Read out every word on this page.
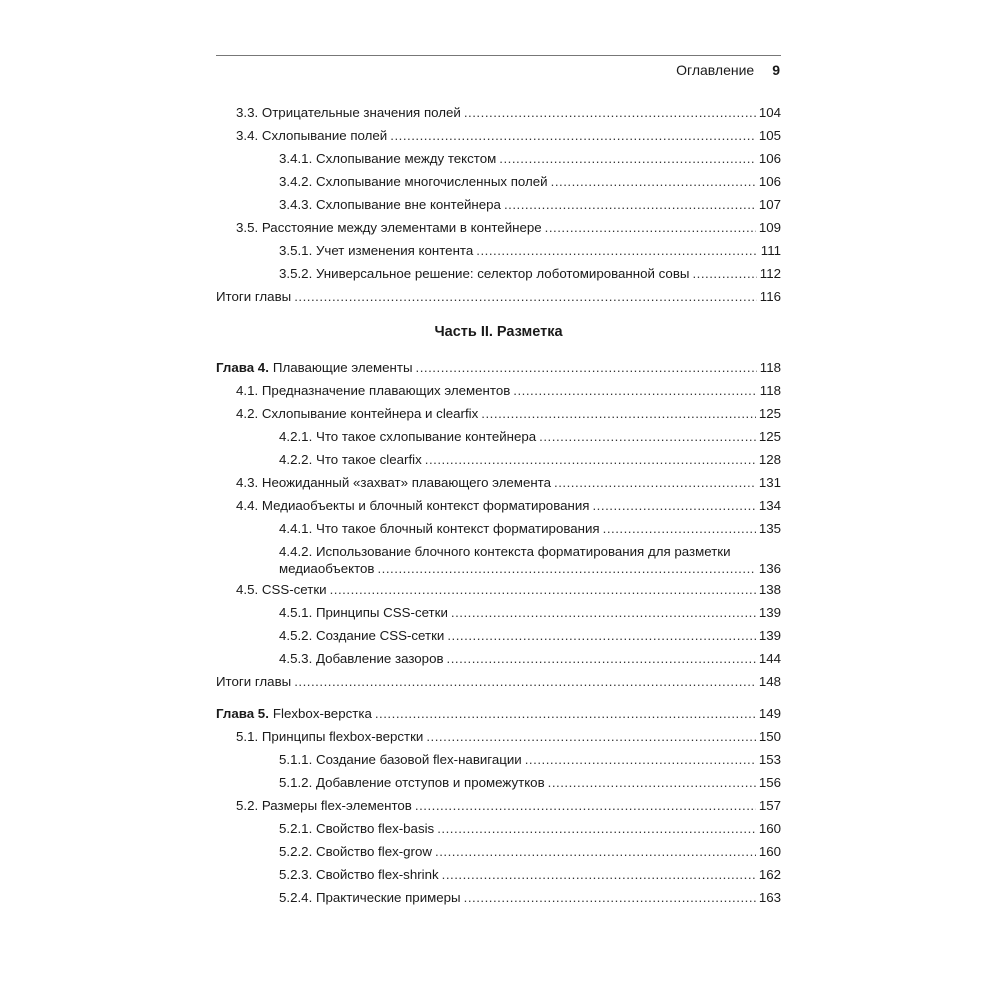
Оглавление 9
3.3. Отрицательные значения полей .....	104
3.4. Схлопывание полей .....	105
3.4.1. Схлопывание между текстом .....	106
3.4.2. Схлопывание многочисленных полей .....	106
3.4.3. Схлопывание вне контейнера .....	107
3.5. Расстояние между элементами в контейнере .....	109
3.5.1. Учет изменения контента .....	111
3.5.2. Универсальное решение: селектор лоботомированной совы .....	112
Итоги главы .....	116
Часть II. Разметка
Глава 4. Плавающие элементы .....	118
4.1. Предназначение плавающих элементов .....	118
4.2. Схлопывание контейнера и clearfix .....	125
4.2.1. Что такое схлопывание контейнера .....	125
4.2.2. Что такое clearfix .....	128
4.3. Неожиданный «захват» плавающего элемента .....	131
4.4. Медиаобъекты и блочный контекст форматирования .....	134
4.4.1. Что такое блочный контекст форматирования .....	135
4.4.2. Использование блочного контекста форматирования для разметки
медиаобъектов .....	136
4.5. CSS-сетки .....	138
4.5.1. Принципы CSS-сетки .....	139
4.5.2. Создание CSS-сетки .....	139
4.5.3. Добавление зазоров .....	144
Итоги главы .....	148
Глава 5. Flexbox-верстка .....	149
5.1. Принципы flexbox-верстки .....	150
5.1.1. Создание базовой flex-навигации .....	153
5.1.2. Добавление отступов и промежутков .....	156
5.2. Размеры flex-элементов .....	157
5.2.1. Свойство flex-basis .....	160
5.2.2. Свойство flex-grow .....	160
5.2.3. Свойство flex-shrink .....	162
5.2.4. Практические примеры .....	163
